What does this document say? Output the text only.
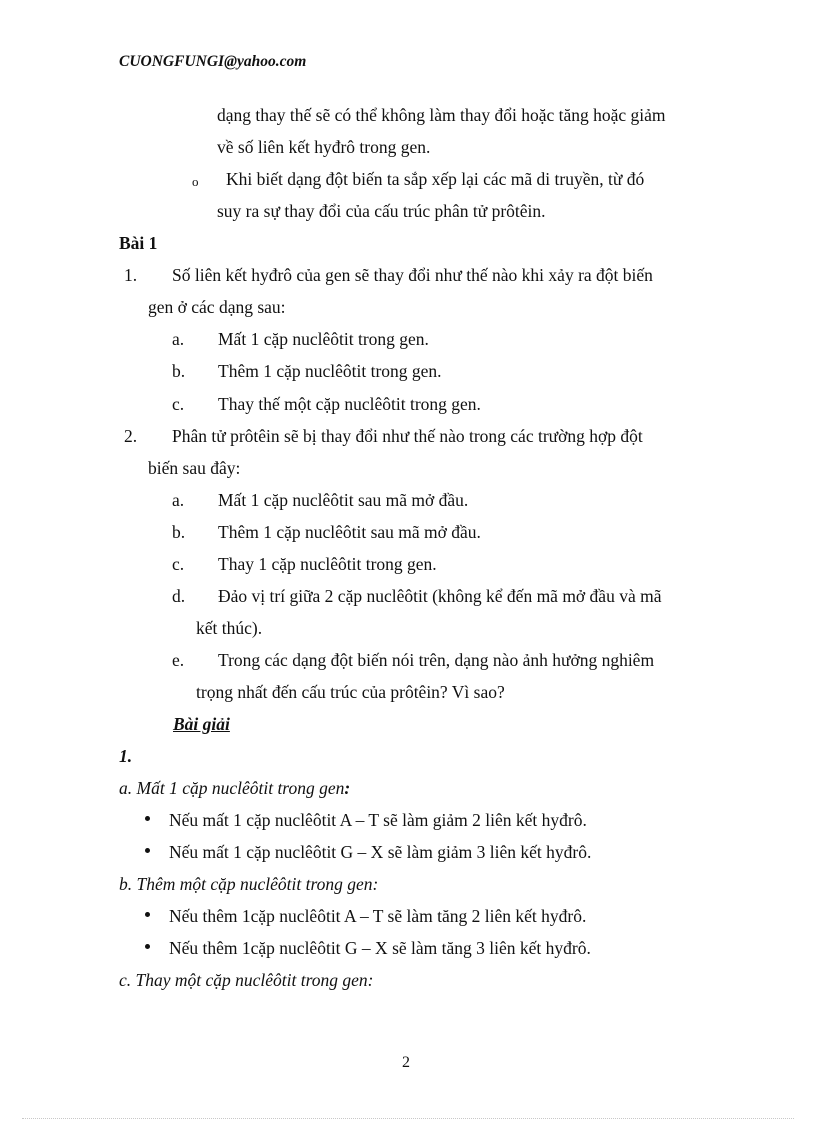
CUONGFUNGI@yahoo.com
dạng thay thế sẽ có thể không làm thay đổi hoặc tăng hoặc giảm
về số liên kết hyđrô trong gen.
o Khi biết dạng đột biến ta sắp xếp lại các mã di truyền, từ đó
suy ra sự thay đổi của cấu trúc phân tử prôtêin.
Bài 1
1. Số liên kết hyđrô của gen sẽ thay đổi như thế nào khi xảy ra đột biến
gen ở các dạng sau:
a. Mất 1 cặp nuclêôtit trong gen.
b. Thêm 1 cặp nuclêôtit trong gen.
c. Thay thế một cặp nuclêôtit trong gen.
2. Phân tử prôtêin sẽ bị thay đổi như thế nào trong các trường hợp đột
biến sau đây:
a. Mất 1 cặp nuclêôtit sau mã mở đầu.
b. Thêm 1 cặp nuclêôtit sau mã mở đầu.
c. Thay 1 cặp nuclêôtit trong gen.
d. Đảo vị trí giữa 2 cặp nuclêôtit (không kể đến mã mở đầu và mã
kết thúc).
e. Trong các dạng đột biến nói trên, dạng nào ảnh hưởng nghiêm
trọng nhất đến cấu trúc của prôtêin? Vì sao?
Bài giải
1.
a. Mất 1 cặp nuclêôtit trong gen:
Nếu mất 1 cặp nuclêôtit A – T sẽ làm giảm 2 liên kết hyđrô.
Nếu mất 1 cặp nuclêôtit G – X sẽ làm giảm 3 liên kết hyđrô.
b. Thêm một cặp nuclêôtit trong gen:
Nếu thêm 1cặp nuclêôtit A – T sẽ làm tăng 2 liên kết hyđrô.
Nếu thêm 1cặp nuclêôtit G – X sẽ làm tăng 3 liên kết hyđrô.
c. Thay một cặp nuclêôtit trong gen:
2
